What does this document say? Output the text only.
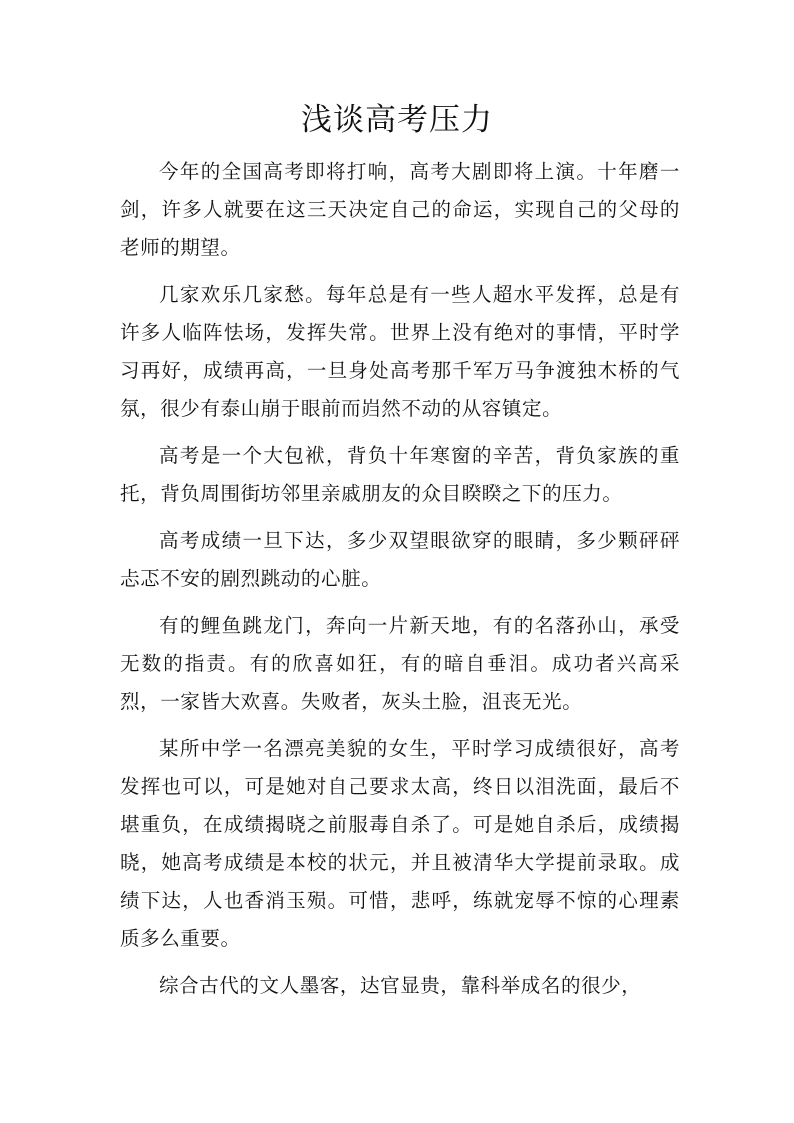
浅谈高考压力

今年的全国高考即将打响，高考大剧即将上演。十年磨一剑，许多人就要在这三天决定自己的命运，实现自己的父母的老师的期望。

几家欢乐几家愁。每年总是有一些人超水平发挥，总是有许多人临阵怯场，发挥失常。世界上没有绝对的事情，平时学习再好，成绩再高，一旦身处高考那千军万马争渡独木桥的气氛，很少有泰山崩于眼前而岿然不动的从容镇定。

高考是一个大包袱，背负十年寒窗的辛苦，背负家族的重托，背负周围街坊邻里亲戚朋友的众目睽睽之下的压力。

高考成绩一旦下达，多少双望眼欲穿的眼睛，多少颗砰砰忐忑不安的剧烈跳动的心脏。

有的鲤鱼跳龙门，奔向一片新天地，有的名落孙山，承受无数的指责。有的欣喜如狂，有的暗自垂泪。成功者兴高采烈，一家皆大欢喜。失败者，灰头土脸，沮丧无光。

某所中学一名漂亮美貌的女生，平时学习成绩很好，高考发挥也可以，可是她对自己要求太高，终日以泪洗面，最后不堪重负，在成绩揭晓之前服毒自杀了。可是她自杀后，成绩揭晓，她高考成绩是本校的状元，并且被清华大学提前录取。成绩下达，人也香消玉殒。可惜，悲呼，练就宠辱不惊的心理素质多么重要。

综合古代的文人墨客，达官显贵，靠科举成名的很少，
